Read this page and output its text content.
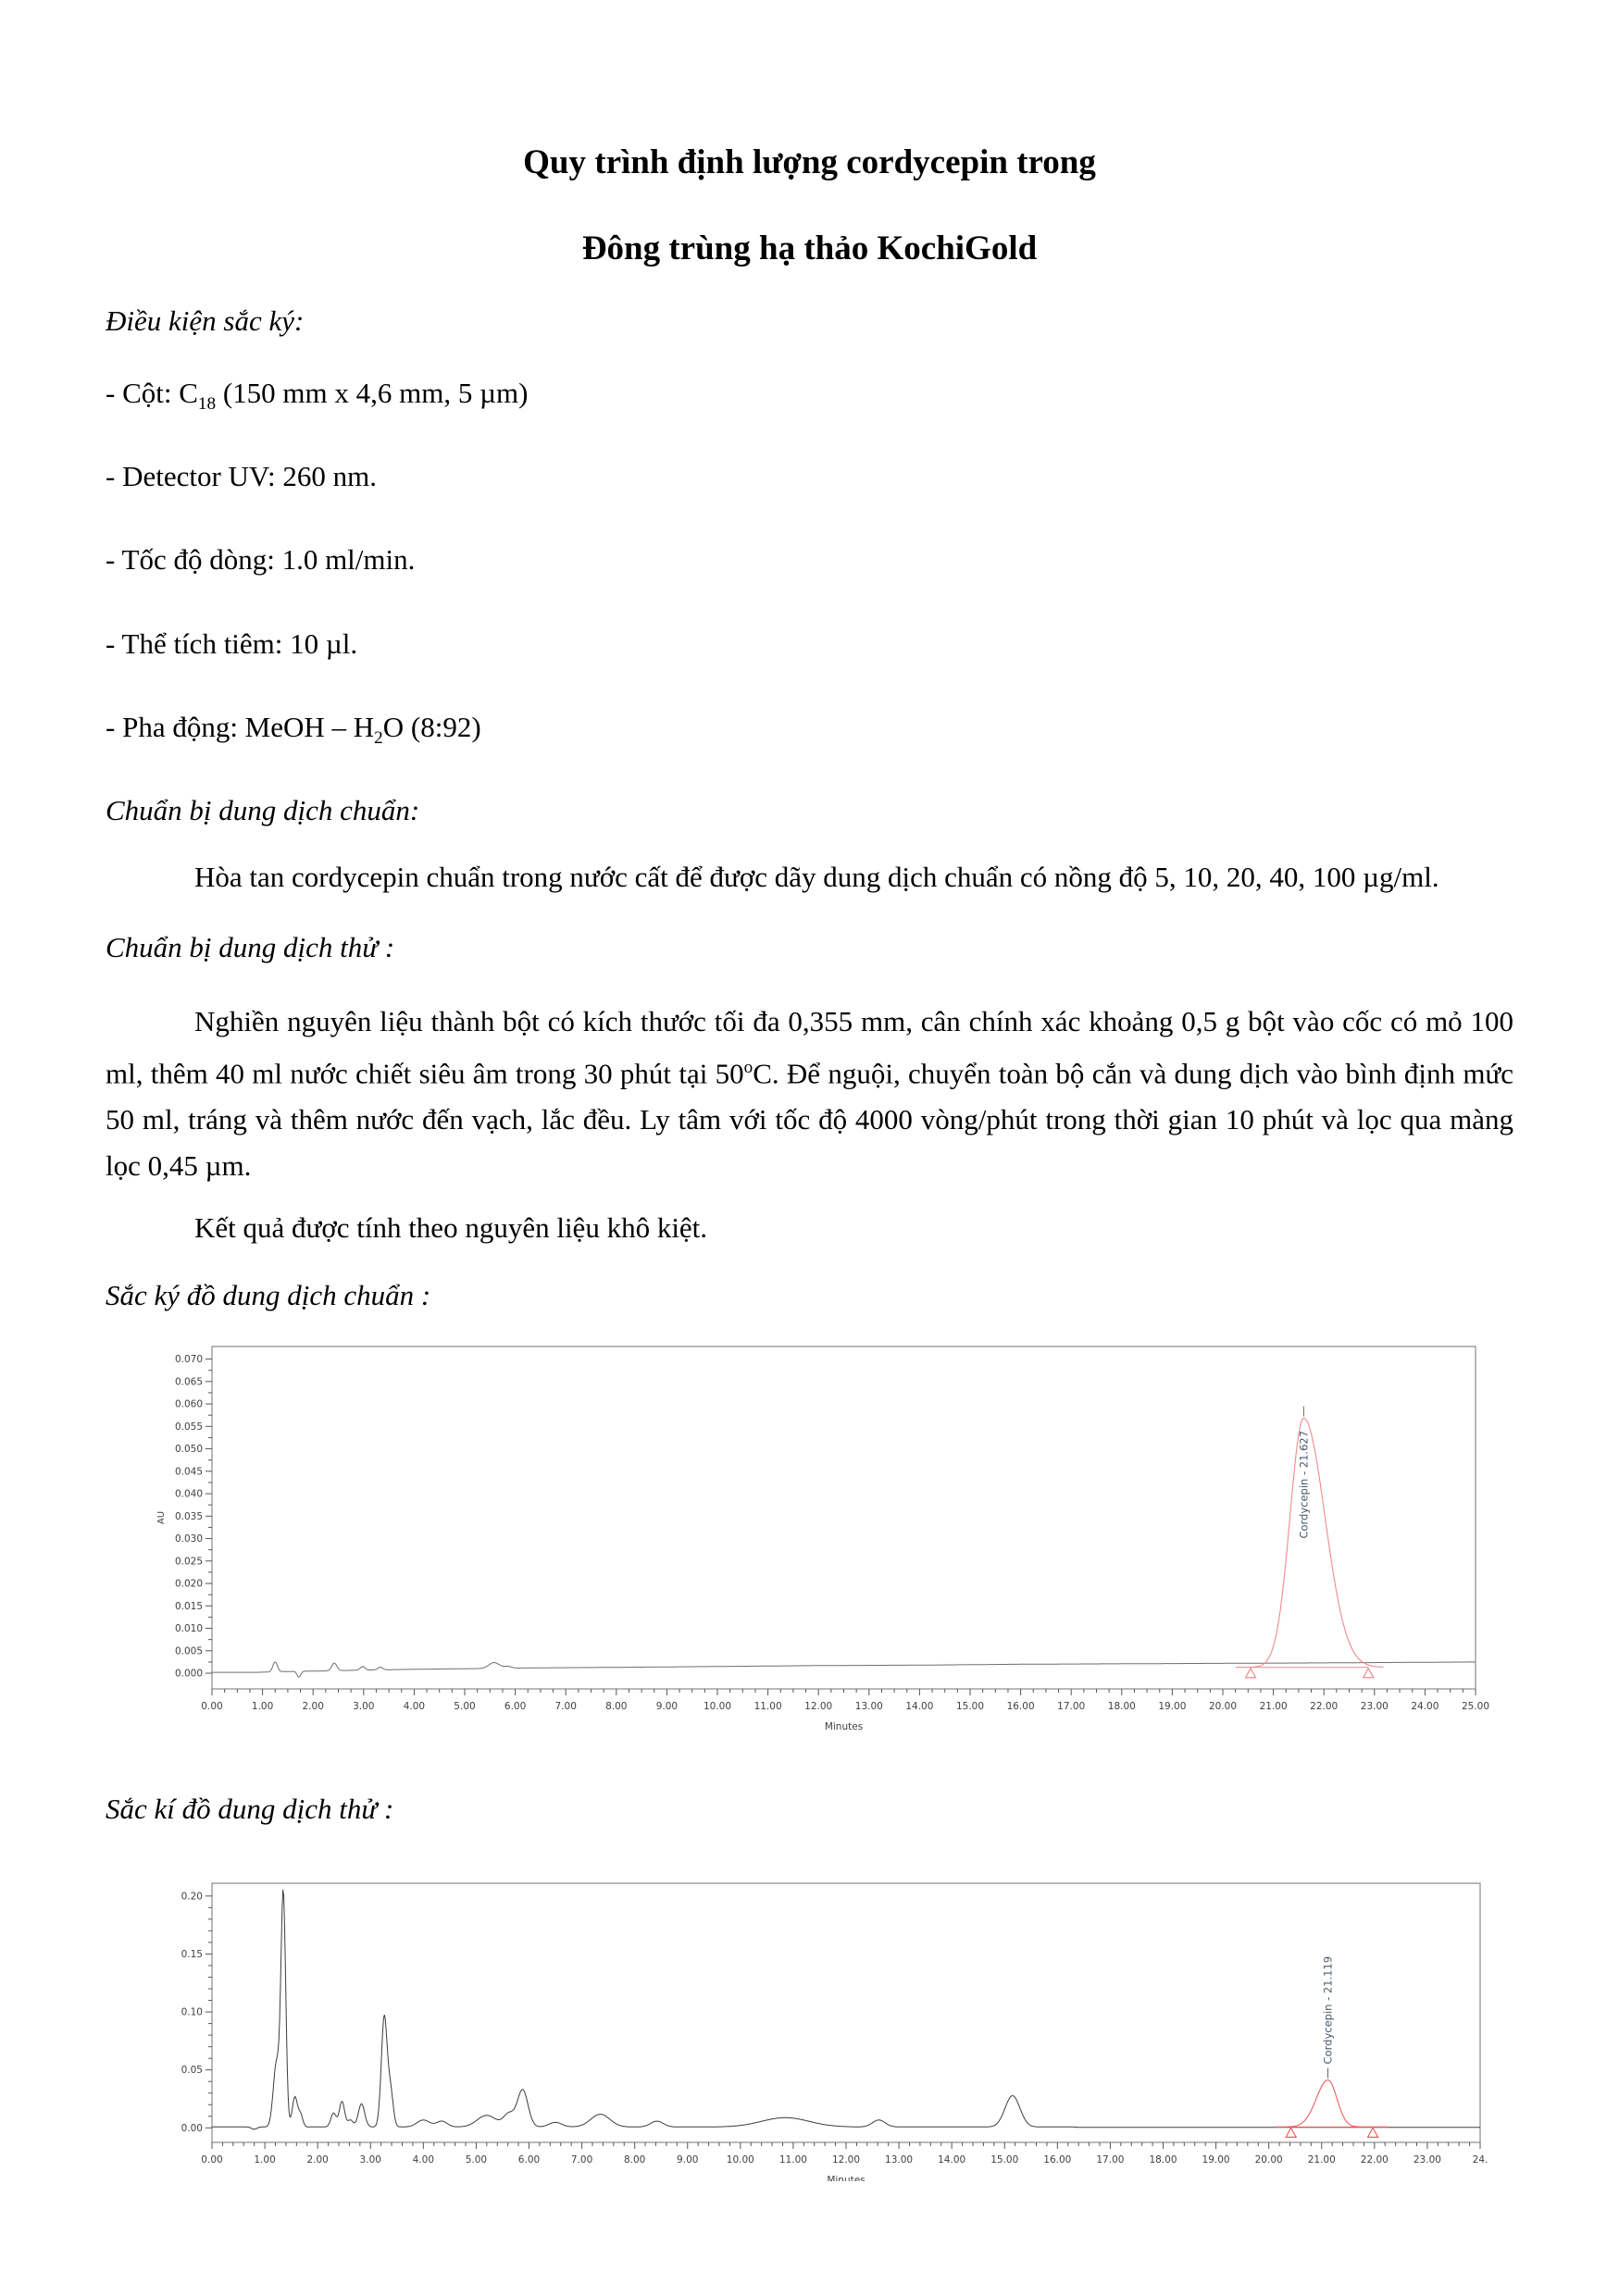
Quy trình định lượng cordycepin trong
Đông trùng hạ thảo KochiGold
Điều kiện sắc ký:
- Cột: $C_{18}$ (150 mm x 4,6 mm, 5 µm)
- Detector UV: 260 nm.
- Tốc độ dòng: 1.0 ml/min.
- Thể tích tiêm: 10 µl.
- Pha động: MeOH – $H_2O$ (8:92)
Chuẩn bị dung dịch chuẩn:
Hòa tan cordycepin chuẩn trong nước cất để được dãy dung dịch chuẩn có nồng độ 5, 10, 20, 40, 100 µg/ml.
Chuẩn bị dung dịch thử :
Nghiền nguyên liệu thành bột có kích thước tối đa 0,355 mm, cân chính xác khoảng 0,5 g bột vào cốc có mỏ 100 ml, thêm 40 ml nước chiết siêu âm trong 30 phút tại 50$^o$C. Để nguội, chuyển toàn bộ cắn và dung dịch vào bình định mức 50 ml, tráng và thêm nước đến vạch, lắc đều. Ly tâm với tốc độ 4000 vòng/phút trong thời gian 10 phút và lọc qua màng lọc 0,45 µm.
Kết quả được tính theo nguyên liệu khô kiệt.
Sắc ký đồ dung dịch chuẩn :
0.00	1.00	2.00	3.00	4.00	5.00	6.00	7.00	8.00	9.00	10.00 11.00 12.00 13.00 14.00 15.00 16.00 17.00 18.00 19.00 20.00 21.00 22.00 23.00 24.00 25.00
0.000
0.005
0.010
0.015
0.020
0.025
0.030
0.035
0.040
0.045
0.050
0.055
0.060
0.065
0.070
AU
Minutes
Cordycepin - 21.627
Sắc kí đồ dung dịch thử :
0.00	1.00	2.00	3.00	4.00	5.00	6.00	7.00	8.00	9.00	10.00	11.00	12.00	13.00	14.00	15.00	16.00	17.00	18.00	19.00	20.00	21.00	22.00	23.00	24.
0.00
0.05
0.10
0.15
0.20
Minutes
Cordycepin - 21.119
